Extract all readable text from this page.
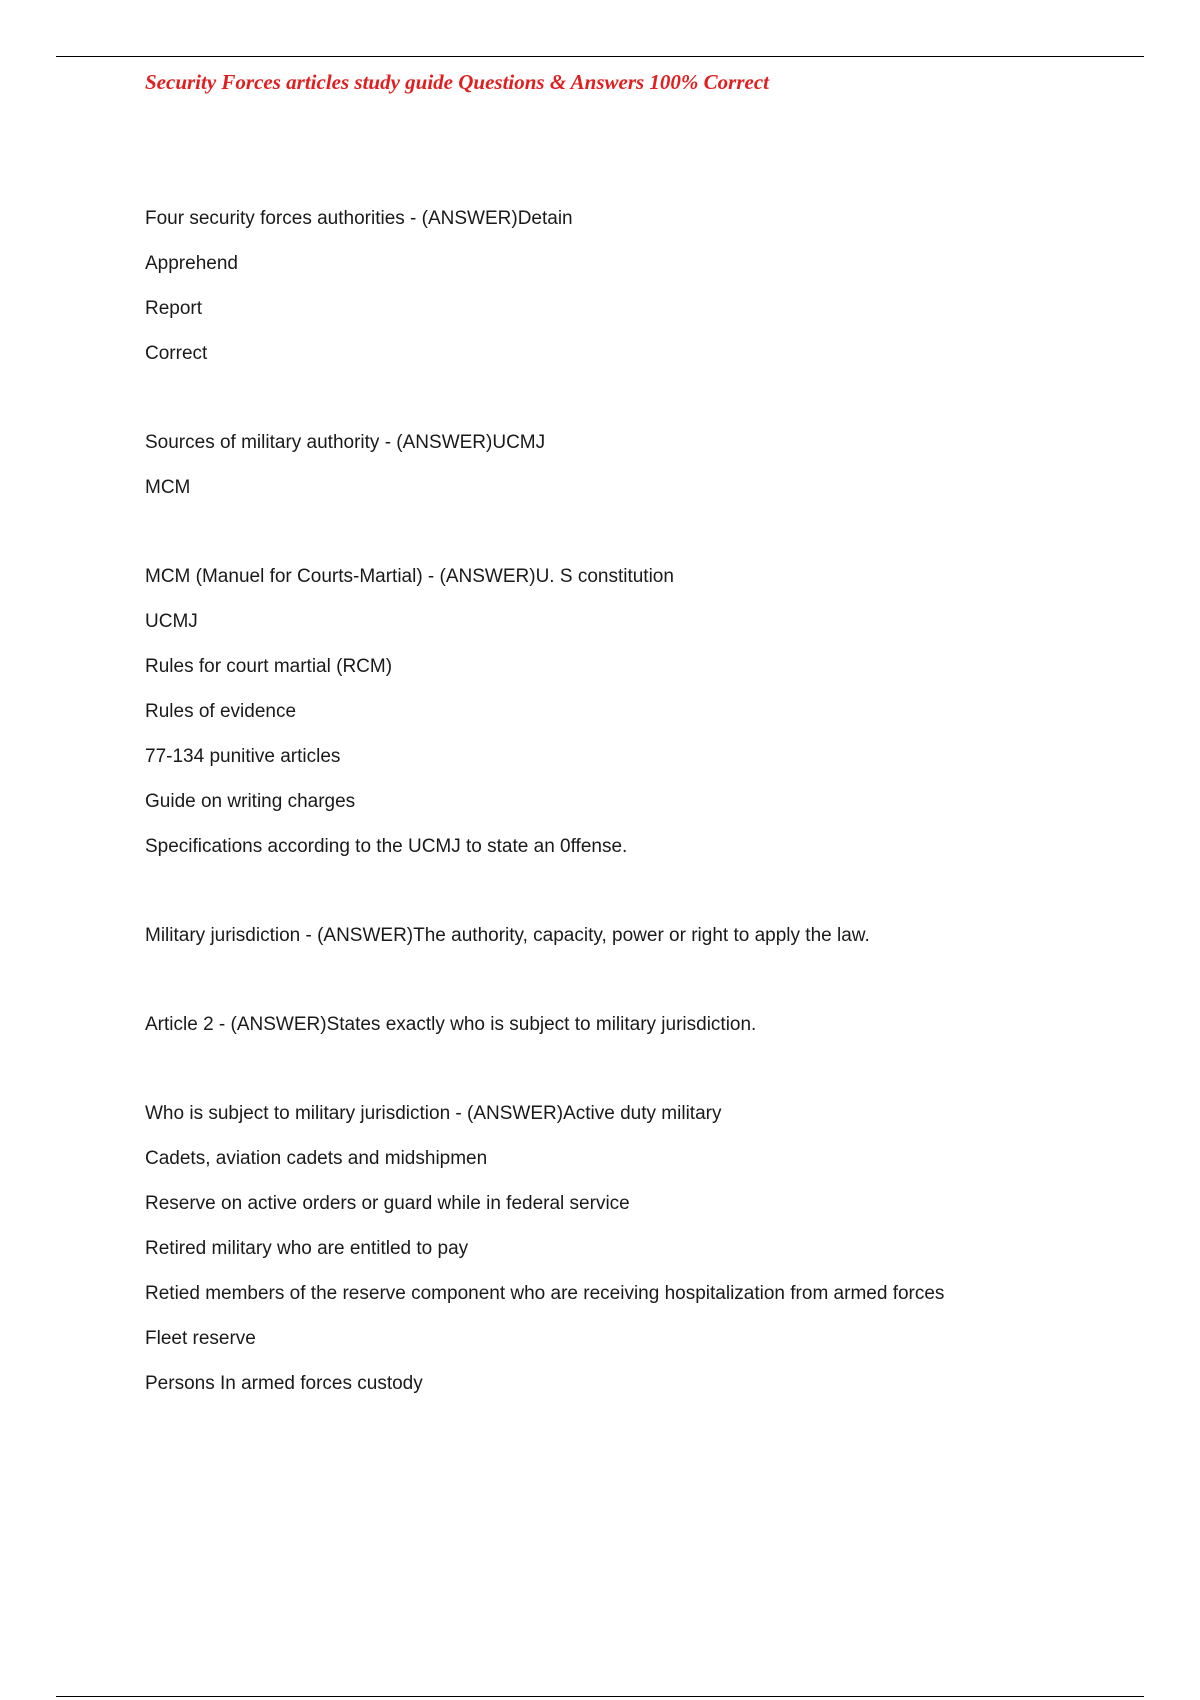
Security Forces articles study guide Questions & Answers 100% Correct

Four security forces authorities - (ANSWER)Detain

Apprehend

Report

Correct

Sources of military authority - (ANSWER)UCMJ

MCM

MCM (Manuel for Courts-Martial) - (ANSWER)U. S constitution

UCMJ

Rules for court martial (RCM)

Rules of evidence

77-134 punitive articles

Guide on writing charges

Specifications according to the UCMJ to state an 0ffense.

Military jurisdiction - (ANSWER)The authority, capacity, power or right to apply the law.

Article 2 - (ANSWER)States exactly who is subject to military jurisdiction.

Who is subject to military jurisdiction - (ANSWER)Active duty military

Cadets, aviation cadets and midshipmen

Reserve on active orders or guard while in federal service

Retired military who are entitled to pay

Retied members of the reserve component who are receiving hospitalization from armed forces

Fleet reserve

Persons In armed forces custody
